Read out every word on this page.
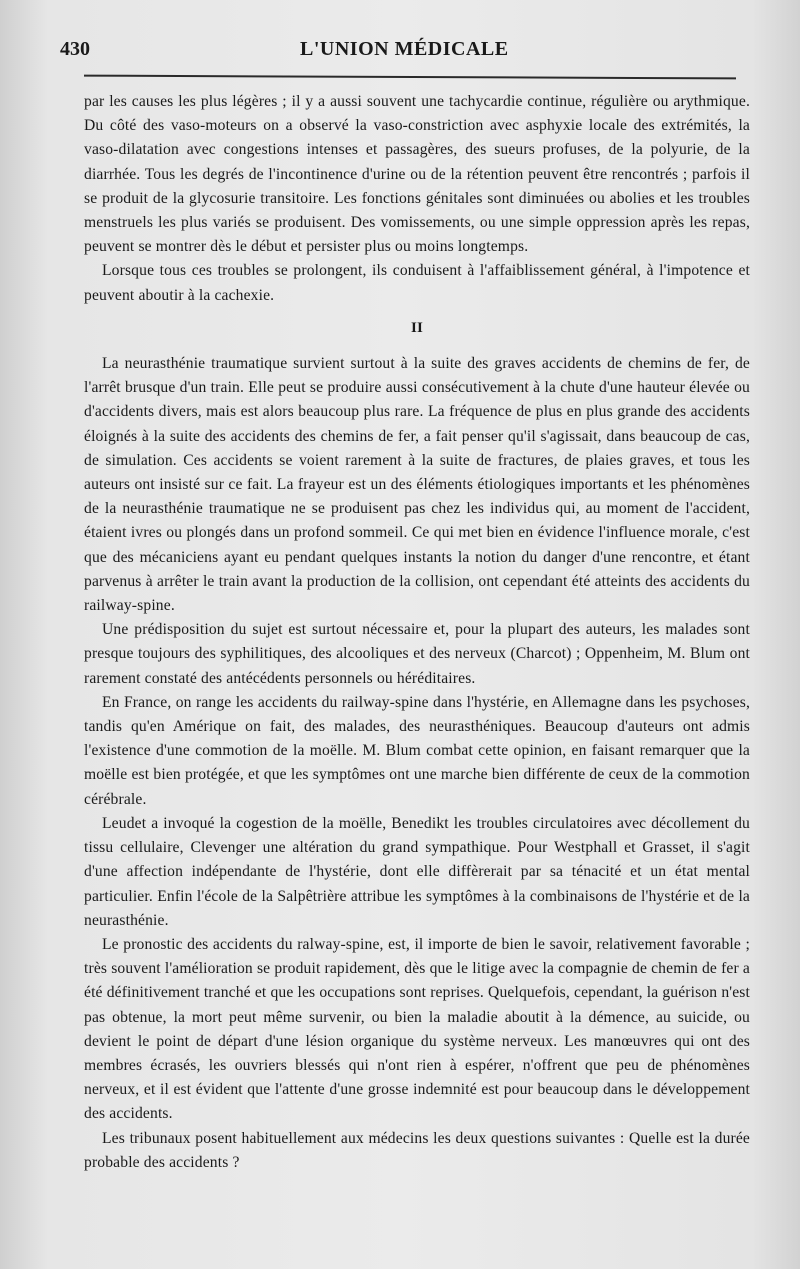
430	L'UNION MÉDICALE

par les causes les plus légères ; il y a aussi souvent une tachycardie continue, régulière ou arythmique. Du côté des vaso-moteurs on a observé la vaso-constriction avec asphyxie locale des extrémités, la vaso-dilatation avec congestions intenses et passagères, des sueurs profuses, de la polyurie, de la diarrhée. Tous les degrés de l'incontinence d'urine ou de la rétention peuvent être rencontrés ; parfois il se produit de la glycosurie transitoire. Les fonctions génitales sont diminuées ou abolies et les troubles menstruels les plus variés se produisent. Des vomissements, ou une simple oppression après les repas, peuvent se montrer dès le début et persister plus ou moins longtemps.

Lorsque tous ces troubles se prolongent, ils conduisent à l'affaiblissement général, à l'impotence et peuvent aboutir à la cachexie.

II

La neurasthénie traumatique survient surtout à la suite des graves accidents de chemins de fer, de l'arrêt brusque d'un train. Elle peut se produire aussi consécutivement à la chute d'une hauteur élevée ou d'accidents divers, mais est alors beaucoup plus rare. La fréquence de plus en plus grande des accidents éloignés à la suite des accidents des chemins de fer, a fait penser qu'il s'agissait, dans beaucoup de cas, de simulation. Ces accidents se voient rarement à la suite de fractures, de plaies graves, et tous les auteurs ont insisté sur ce fait. La frayeur est un des éléments étiologiques importants et les phénomènes de la neurasthénie traumatique ne se produisent pas chez les individus qui, au moment de l'accident, étaient ivres ou plongés dans un profond sommeil. Ce qui met bien en évidence l'influence morale, c'est que des mécaniciens ayant eu pendant quelques instants la notion du danger d'une rencontre, et étant parvenus à arrêter le train avant la production de la collision, ont cependant été atteints des accidents du railway-spine.

Une prédisposition du sujet est surtout nécessaire et, pour la plupart des auteurs, les malades sont presque toujours des syphilitiques, des alcooliques et des nerveux (Charcot) ; Oppenheim, M. Blum ont rarement constaté des antécédents personnels ou héréditaires.

En France, on range les accidents du railway-spine dans l'hystérie, en Allemagne dans les psychoses, tandis qu'en Amérique on fait, des malades, des neurasthéniques. Beaucoup d'auteurs ont admis l'existence d'une commotion de la moëlle. M. Blum combat cette opinion, en faisant remarquer que la moëlle est bien protégée, et que les symptômes ont une marche bien différente de ceux de la commotion cérébrale.

Leudet a invoqué la cogestion de la moëlle, Benedikt les troubles circulatoires avec décollement du tissu cellulaire, Clevenger une altération du grand sympathique. Pour Westphall et Grasset, il s'agit d'une affection indépendante de l'hystérie, dont elle diffèrerait par sa ténacité et un état mental particulier. Enfin l'école de la Salpêtrière attribue les symptômes à la combinaisons de l'hystérie et de la neurasthénie.

Le pronostic des accidents du ralway-spine, est, il importe de bien le savoir, relativement favorable ; très souvent l'amélioration se produit rapidement, dès que le litige avec la compagnie de chemin de fer a été définitivement tranché et que les occupations sont reprises. Quelquefois, cependant, la guérison n'est pas obtenue, la mort peut même survenir, ou bien la maladie aboutit à la démence, au suicide, ou devient le point de départ d'une lésion organique du système nerveux. Les manœuvres qui ont des membres écrasés, les ouvriers blessés qui n'ont rien à espérer, n'offrent que peu de phénomènes nerveux, et il est évident que l'attente d'une grosse indemnité est pour beaucoup dans le développement des accidents.

Les tribunaux posent habituellement aux médecins les deux questions suivantes : Quelle est la durée probable des accidents ?
